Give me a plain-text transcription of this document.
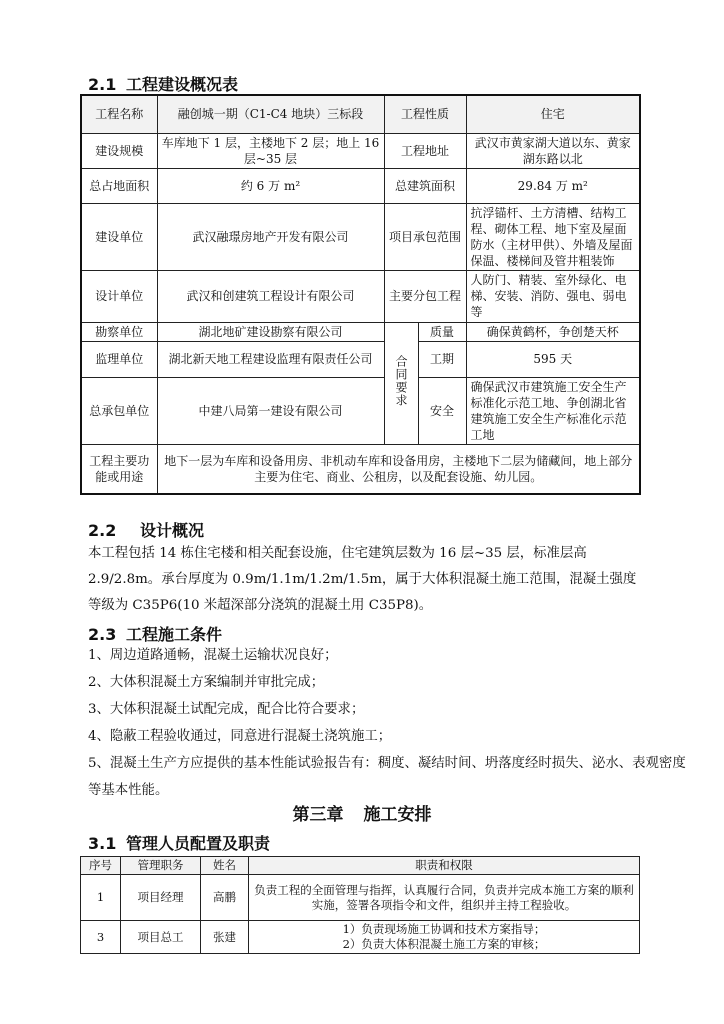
2.1 工程建设概况表
工程名称	融创城一期（C1-C4 地块）三标段	工程性质		住宅
建设规模	车库地下 1 层，主楼地下 2 层；地上 16 层~35 层	工程地址		武汉市黄家湖大道以东、黄家湖东路以北
总占地面积	约 6 万 m²	总建筑面积		29.84 万 m²
建设单位	武汉融璟房地产开发有限公司	项目承包范围		抗浮锚杆、土方清槽、结构工程、砌体工程、地下室及屋面防水（主材甲供）、外墙及屋面保温、楼梯间及管井粗装饰
设计单位	武汉和创建筑工程设计有限公司	主要分包工程		人防门、精装、室外绿化、电梯、安装、消防、强电、弱电等
勘察单位	湖北地矿建设勘察有限公司	合同要求	质量	确保黄鹤杯，争创楚天杯
监理单位	湖北新天地工程建设监理有限责任公司		工期	595 天
总承包单位	中建八局第一建设有限公司		安全	确保武汉市建筑施工安全生产标准化示范工地、争创湖北省建筑施工安全生产标准化示范工地
工程主要功能或用途	地下一层为车库和设备用房、非机动车库和设备用房，主楼地下二层为储藏间，地上部分主要为住宅、商业、公租房，以及配套设施、幼儿园。			
2.2 设计概况

本工程包括 14 栋住宅楼和相关配套设施，住宅建筑层数为 16 层~35 层，标准层高 2.9/2.8m。承台厚度为 0.9m/1.1m/1.2m/1.5m，属于大体积混凝土施工范围，混凝土强度等级为 C35P6(10 米超深部分浇筑的混凝土用 C35P8)。

2.3 工程施工条件
1、周边道路通畅，混凝土运输状况良好；
2、大体积混凝土方案编制并审批完成；
3、大体积混凝土试配完成，配合比符合要求；
4、隐蔽工程验收通过，同意进行混凝土浇筑施工；
5、混凝土生产方应提供的基本性能试验报告有：稠度、凝结时间、坍落度经时损失、泌水、表观密度等基本性能。
第三章 施工安排
3.1 管理人员配置及职责
序号	管理职务	姓名	职责和权限
1	项目经理	高鹏	负责工程的全面管理与指挥，认真履行合同，负责并完成本施工方案的顺利实施，签署各项指令和文件，组织并主持工程验收。
3	项目总工	张建	1）负责现场施工协调和技术方案指导；
2）负责大体积混凝土施工方案的审核；
